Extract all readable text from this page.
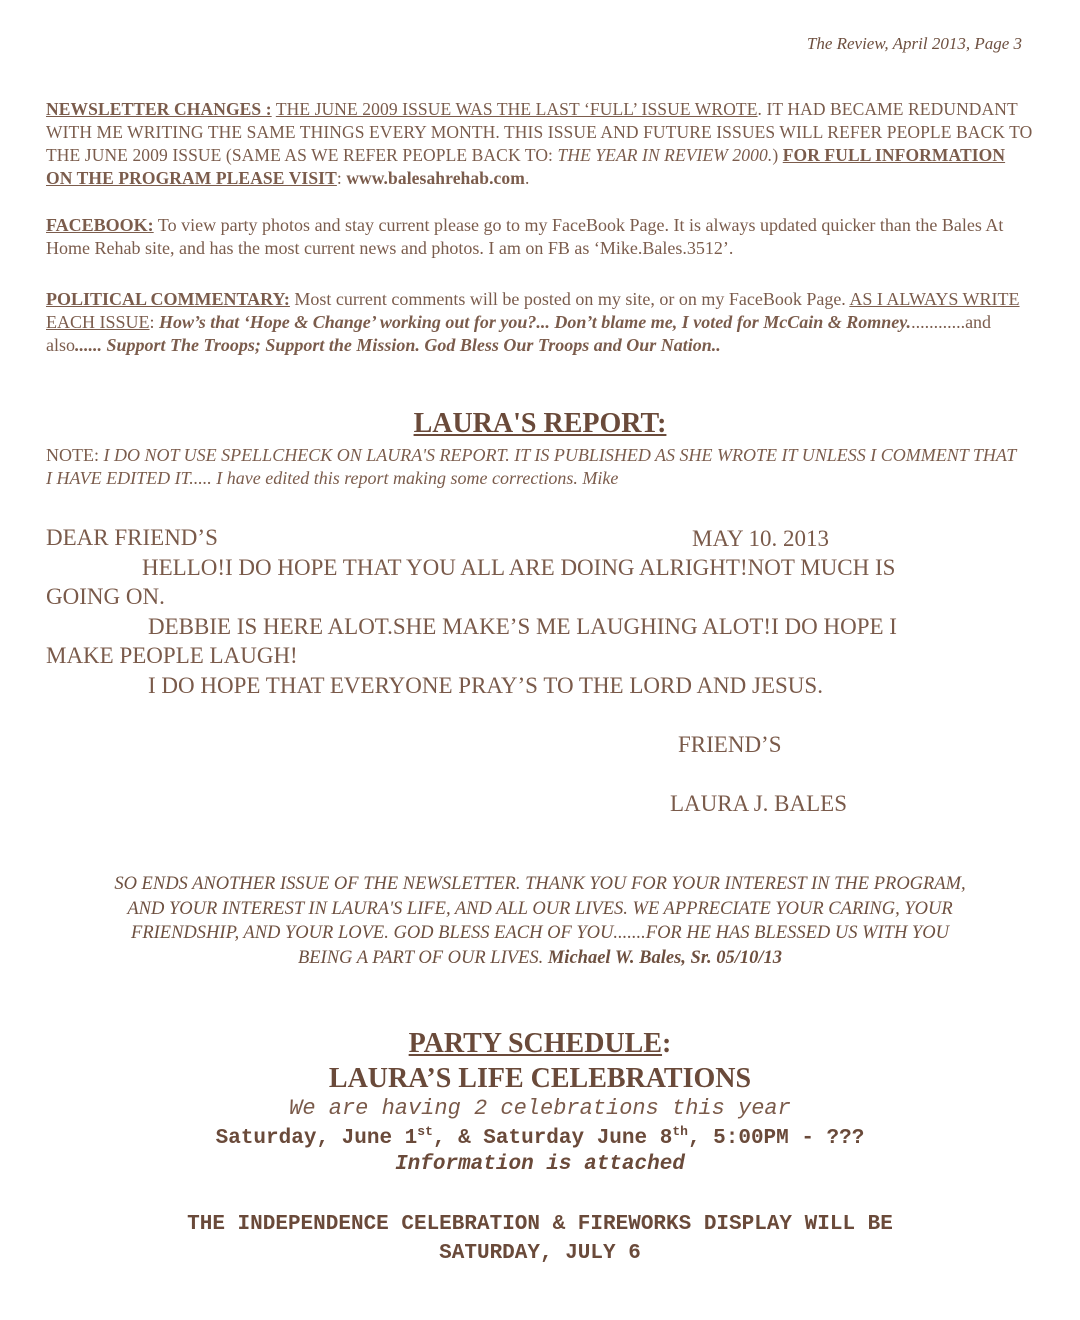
The Review, April 2013, Page 3
NEWSLETTER CHANGES : THE JUNE 2009 ISSUE WAS THE LAST ‘FULL’ ISSUE WROTE. IT HAD BECAME REDUNDANT WITH ME WRITING THE SAME THINGS EVERY MONTH. THIS ISSUE AND FUTURE ISSUES WILL REFER PEOPLE BACK TO THE JUNE 2009 ISSUE (SAME AS WE REFER PEOPLE BACK TO: THE YEAR IN REVIEW 2000.) FOR FULL INFORMATION ON THE PROGRAM PLEASE VISIT: www.balesahrehab.com.
FACEBOOK: To view party photos and stay current please go to my FaceBook Page. It is always updated quicker than the Bales At Home Rehab site, and has the most current news and photos. I am on FB as ‘Mike.Bales.3512’.
POLITICAL COMMENTARY: Most current comments will be posted on my site, or on my FaceBook Page. AS I ALWAYS WRITE EACH ISSUE: How’s that ‘Hope & Change’ working out for you?... Don’t blame me, I voted for McCain & Romney.............and also...... Support The Troops; Support the Mission. God Bless Our Troops and Our Nation..
LAURA'S REPORT:
NOTE: I DO NOT USE SPELLCHECK ON LAURA'S REPORT. IT IS PUBLISHED AS SHE WROTE IT UNLESS I COMMENT THAT I HAVE EDITED IT..... I have edited this report making some corrections. Mike
DEAR FRIEND’S	MAY 10. 2013
HELLO!I DO HOPE THAT YOU ALL ARE DOING ALRIGHT!NOT MUCH IS
GOING ON.
DEBBIE IS HERE ALOT.SHE MAKE’S ME LAUGHING ALOT!I DO HOPE I
MAKE PEOPLE LAUGH!
I DO HOPE THAT EVERYONE PRAY’S TO THE LORD AND JESUS.
FRIEND’S
LAURA J. BALES
SO ENDS ANOTHER ISSUE OF THE NEWSLETTER. THANK YOU FOR YOUR INTEREST IN THE PROGRAM,
AND YOUR INTEREST IN LAURA'S LIFE, AND ALL OUR LIVES. WE APPRECIATE YOUR CARING, YOUR
FRIENDSHIP, AND YOUR LOVE. GOD BLESS EACH OF YOU.......FOR HE HAS BLESSED US WITH YOU
BEING A PART OF OUR LIVES. Michael W. Bales, Sr. 05/10/13
PARTY SCHEDULE:
LAURA’S LIFE CELEBRATIONS
We are having 2 celebrations this year
Saturday, June 1st, & Saturday June 8th, 5:00PM - ???
Information is attached
THE INDEPENDENCE CELEBRATION & FIREWORKS DISPLAY WILL BE
SATURDAY, JULY 6
